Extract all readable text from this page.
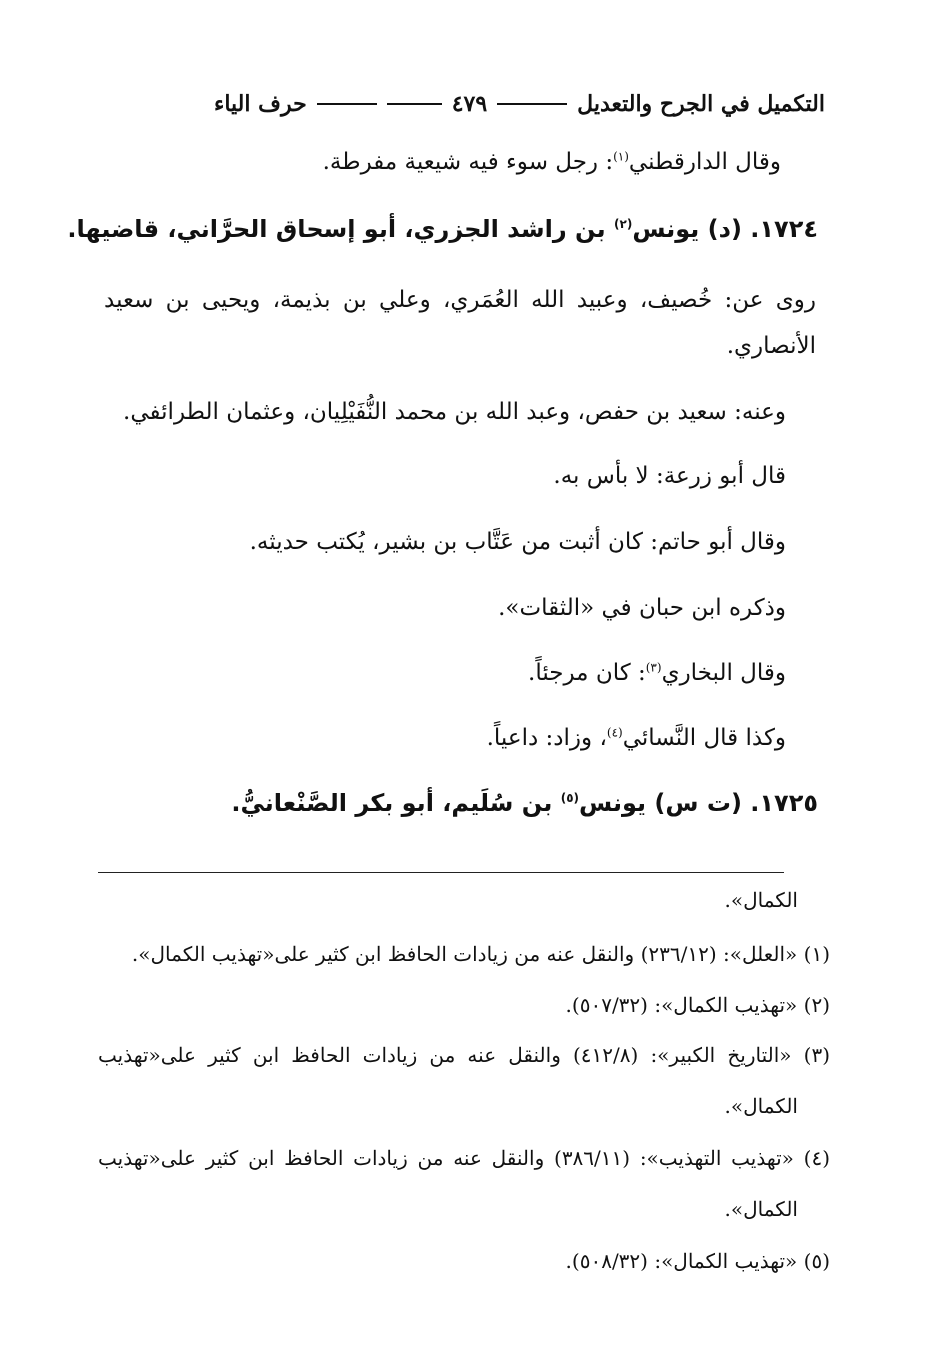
التكميل في الجرح والتعديل
٤٧٩
حرف الياء
وقال الدارقطني$^{(١)}$: رجل سوء فيه شيعية مفرطة.
١٧٢٤. (د) يونس$^{(٢)}$ بن راشد الجزري، أبو إسحاق الحرَّاني، قاضيها.
روى عن: خُصيف، وعبيد الله العُمَري، وعلي بن بذيمة، ويحيى بن سعيد
الأنصاري.
وعنه: سعيد بن حفص، وعبد الله بن محمد النُّفَيْلِيان، وعثمان الطرائفي.
قال أبو زرعة: لا بأس به.
وقال أبو حاتم: كان أثبت من عَتَّاب بن بشير، يُكتب حديثه.
وذكره ابن حبان في «الثقات».
وقال البخاري$^{(٣)}$: كان مرجئاً.
وكذا قال النَّسائي$^{(٤)}$، وزاد: داعياً.
١٧٢٥. (ت س) يونس$^{(٥)}$ بن سُلَيم، أبو بكر الصَّنْعانيُّ.
الكمال».
(١) «العلل»: (٢٣٦/١٢) والنقل عنه من زيادات الحافظ ابن كثير على«تهذيب الكمال».
(٢) «تهذيب الكمال»: (٥٠٧/٣٢).
(٣) «التاريخ الكبير»: (٤١٢/٨) والنقل عنه من زيادات الحافظ ابن كثير على«تهذيب
الكمال».
(٤) «تهذيب التهذيب»: (٣٨٦/١١) والنقل عنه من زيادات الحافظ ابن كثير على«تهذيب
الكمال».
(٥) «تهذيب الكمال»: (٥٠٨/٣٢).
